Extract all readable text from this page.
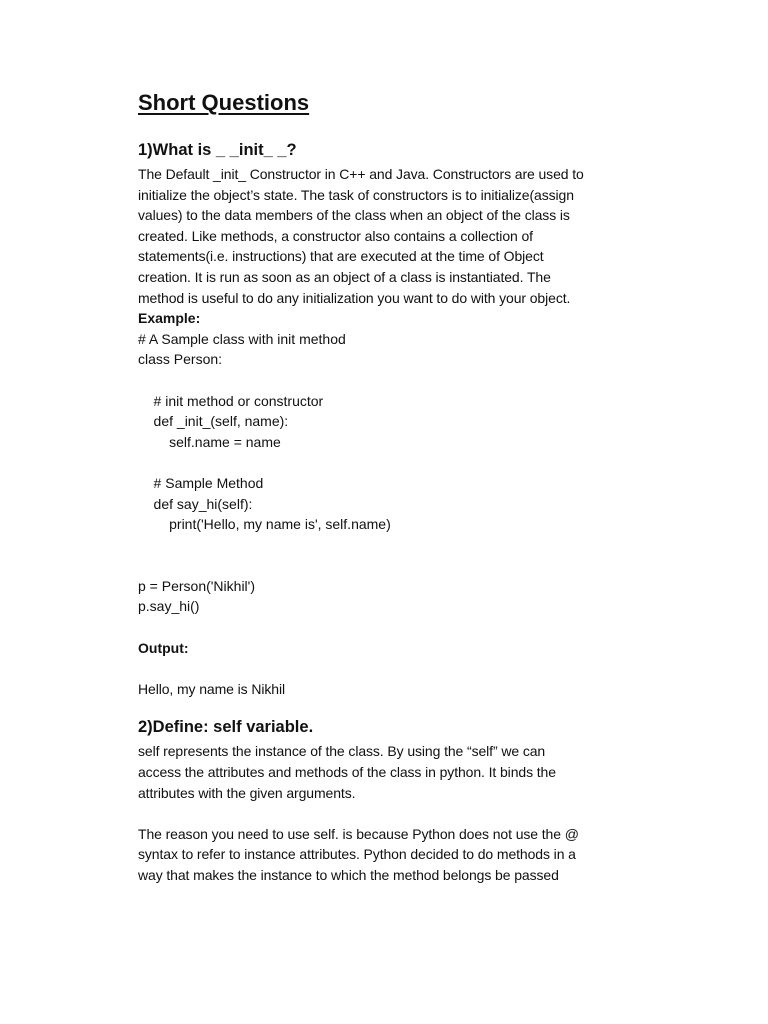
Short Questions
1)What is _ _init_ _?

The Default _init_ Constructor in C++ and Java. Constructors are used to

initialize the object’s state. The task of constructors is to initialize(assign

values) to the data members of the class when an object of the class is

created. Like methods, a constructor also contains a collection of

statements(i.e. instructions) that are executed at the time of Object

creation. It is run as soon as an object of a class is instantiated. The

method is useful to do any initialization you want to do with your object.

Example:

# A Sample class with init method

class Person:

# init method or constructor

def _init_(self, name):

self.name = name

# Sample Method

def say_hi(self):

print('Hello, my name is', self.name)

p = Person('Nikhil')

p.say_hi()

Output:

Hello, my name is Nikhil

2)Define: self variable.

self represents the instance of the class. By using the “self” we can

access the attributes and methods of the class in python. It binds the

attributes with the given arguments.

The reason you need to use self. is because Python does not use the @

syntax to refer to instance attributes. Python decided to do methods in a

way that makes the instance to which the method belongs be passed
